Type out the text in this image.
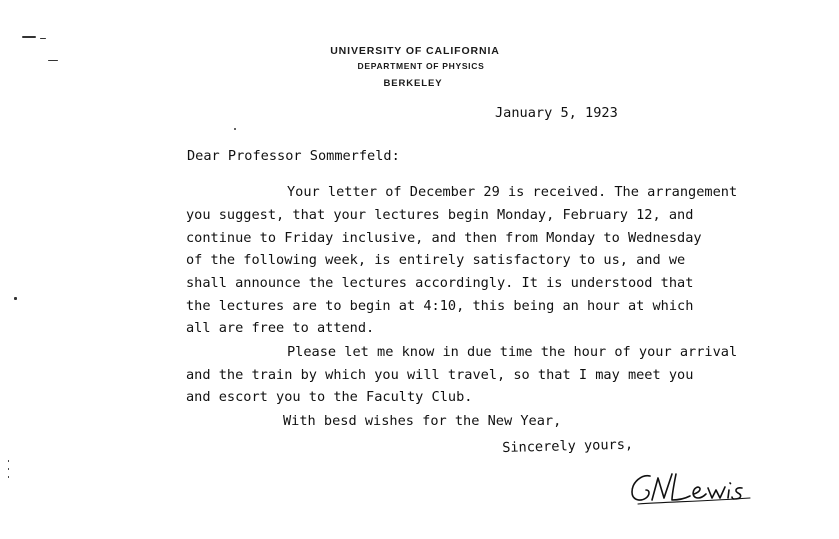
UNIVERSITY OF CALIFORNIA
DEPARTMENT OF PHYSICS
BERKELEY
January 5, 1923
Dear Professor Sommerfeld:
Your letter of December 29 is received. The arrangement
you suggest, that your lectures begin Monday, February 12, and
continue to Friday inclusive, and then from Monday to Wednesday
of the following week, is entirely satisfactory to us, and we
shall announce the lectures accordingly. It is understood that
the lectures are to begin at 4:10, this being an hour at which
all are free to attend.
Please let me know in due time the hour of your arrival
and the train by which you will travel, so that I may meet you
and escort you to the Faculty Club.
With besd wishes for the New Year,
Sincerely yours,
